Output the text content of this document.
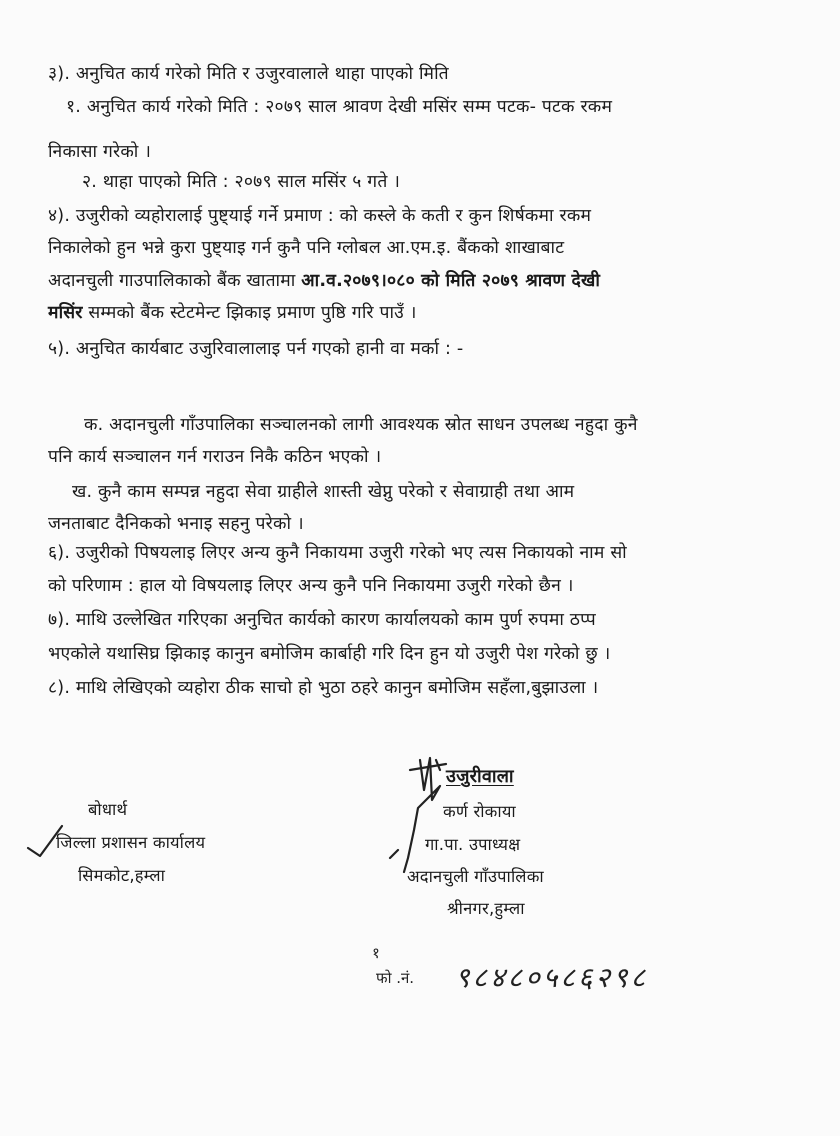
३). अनुचित कार्य गरेको मिति र उजुरवालाले थाहा पाएको मिति
१. अनुचित कार्य गरेको मिति : २०७९ साल श्रावण देखी मसिंर सम्म पटक- पटक रकम
निकासा गरेको ।
२. थाहा पाएको मिति : २०७९ साल मसिंर ५ गते ।
४). उजुरीको व्यहोरालाई पुष्ट्याई गर्ने प्रमाण : को कस्ले के कती र कुन शिर्षकमा रकम
निकालेको हुन भन्ने कुरा पुष्ट्याइ गर्न कुनै पनि ग्लोबल आ.एम.इ. बैंकको शाखाबाट
अदानचुली गाउपालिकाको बैंक खातामा आ.व.२०७९।०८० को मिति २०७९ श्रावण देखी
मसिंर सम्मको बैंक स्टेटमेन्ट झिकाइ प्रमाण पुष्ठि गरि पाउँ ।
५). अनुचित कार्यबाट उजुरिवालालाइ पर्न गएको हानी वा मर्का : -
क. अदानचुली गाँउपालिका सञ्चालनको लागी आवश्यक स्रोत साधन उपलब्ध नहुदा कुनै
पनि कार्य सञ्चालन गर्न गराउन निकै कठिन भएको ।
ख. कुनै काम सम्पन्न नहुदा सेवा ग्राहीले शास्ती खेप्नु परेको र सेवाग्राही तथा आम
जनताबाट दैनिकको भनाइ सहनु परेको ।
६). उजुरीको पिषयलाइ लिएर अन्य कुनै निकायमा उजुरी गरेको भए त्यस निकायको नाम सो
को परिणाम : हाल यो विषयलाइ लिएर अन्य कुनै पनि निकायमा उजुरी गरेको छैन ।
७). माथि उल्लेखित गरिएका अनुचित कार्यको कारण कार्यालयको काम पुर्ण रुपमा ठप्प
भएकोले यथासिघ्र झिकाइ कानुन बमोजिम कार्बाही गरि दिन हुन यो उजुरी पेश गरेको छु ।
८). माथि लेखिएको व्यहोरा ठीक साचो हो भुठा ठहरे कानुन बमोजिम सहँला,बुझाउला ।
बोधार्थ
जिल्ला प्रशासन कार्यालय
सिमकोट,हम्ला
उजुरीवाला
कर्ण रोकाया
गा.पा. उपाध्यक्ष
अदानचुली गाँउपालिका
श्रीनगर,हुम्ला
१
फो .नं. ९८४८०५८६२९८
